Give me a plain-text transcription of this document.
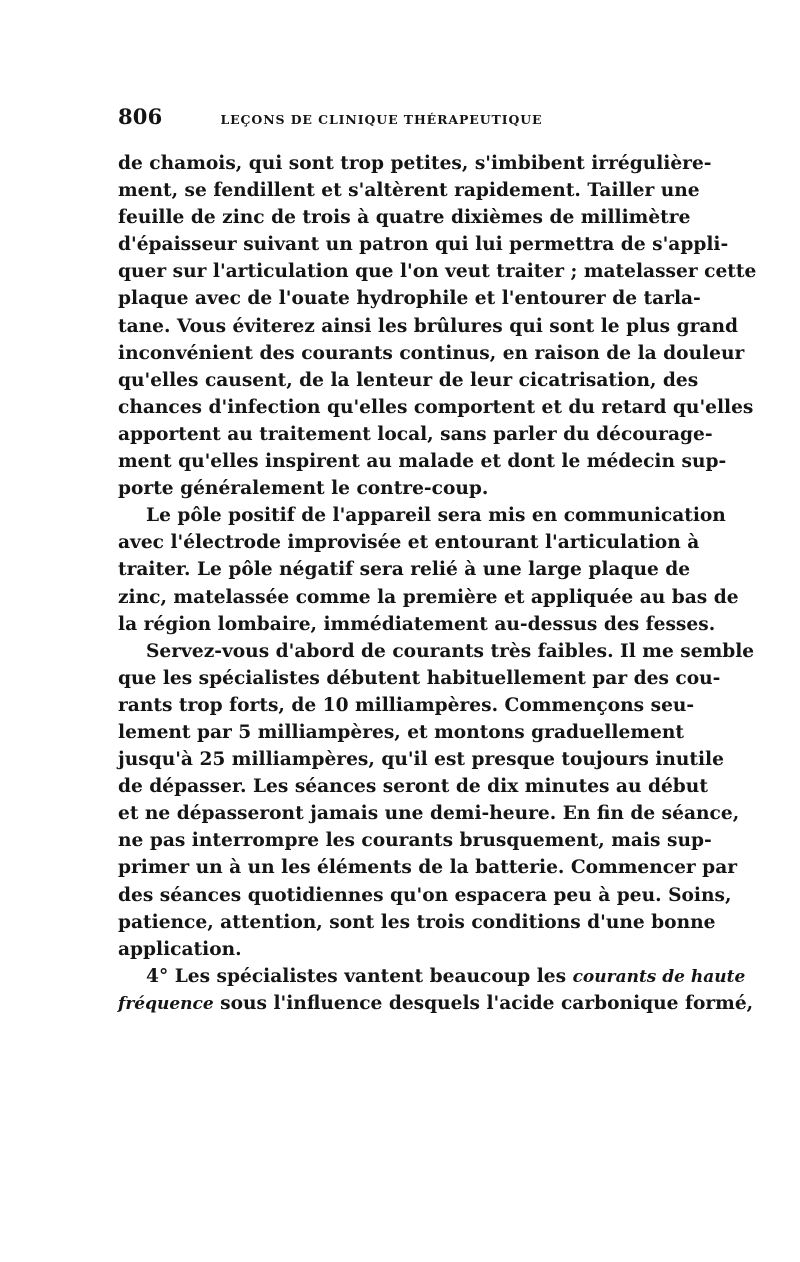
806	LEÇONS DE CLINIQUE THÉRAPEUTIQUE
de chamois, qui sont trop petites, s'imbibent irrégulière-
ment, se fendillent et s'altèrent rapidement. Tailler une
feuille de zinc de trois à quatre dixièmes de millimètre
d'épaisseur suivant un patron qui lui permettra de s'appli-
quer sur l'articulation que l'on veut traiter ; matelasser cette
plaque avec de l'ouate hydrophile et l'entourer de tarla-
tane. Vous éviterez ainsi les brûlures qui sont le plus grand
inconvénient des courants continus, en raison de la douleur
qu'elles causent, de la lenteur de leur cicatrisation, des
chances d'infection qu'elles comportent et du retard qu'elles
apportent au traitement local, sans parler du découragе-
ment qu'elles inspirent au malade et dont le médecin sup-
porte généralement le contre-coup.
Le pôle positif de l'appareil sera mis en communication
avec l'électrode improvisée et entourant l'articulation à
traiter. Le pôle négatif sera relié à une large plaque de
zinc, matelassée comme la première et appliquée au bas de
la région lombaire, immédiatement au-dessus des fesses.
Servez-vous d'abord de courants très faibles. Il me semble
que les spécialistes débutent habituellement par des cou-
rants trop forts, de 10 milliampères. Commençons seu-
lement par 5 milliampères, et montons graduellement
jusqu'à 25 milliampères, qu'il est presque toujours inutile
de dépasser. Les séances seront de dix minutes au début
et ne dépasseront jamais une demi-heure. En fin de séance,
ne pas interrompre les courants brusquement, mais sup-
primer un à un les éléments de la batterie. Commencer par
des séances quotidiennes qu'on espacera peu à peu. Soins,
patience, attention, sont les trois conditions d'une bonne
application.
4° Les spécialistes vantent beaucoup les courants de haute
fréquence sous l'influence desquels l'acide carbonique formé,
